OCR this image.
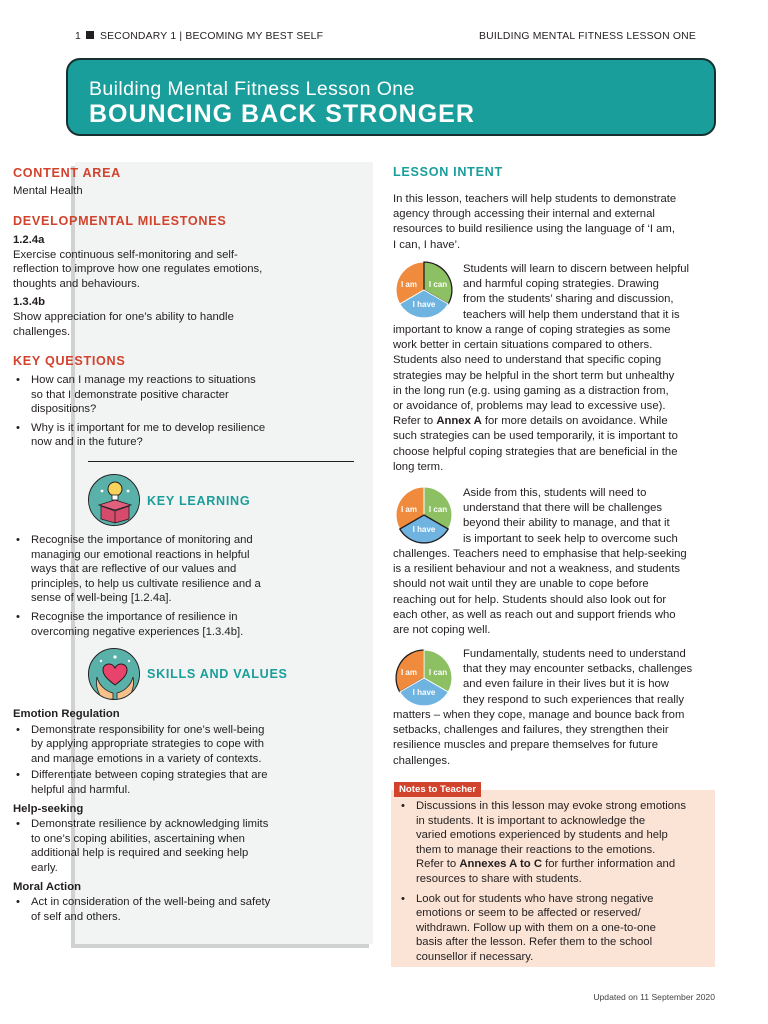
1 SECONDARY 1 | BECOMING MY BEST SELF	BUILDING MENTAL FITNESS LESSON ONE
Building Mental Fitness Lesson One
BOUNCING BACK STRONGER
CONTENT AREA
Mental Health
DEVELOPMENTAL MILESTONES
1.2.4a
Exercise continuous self-monitoring and self-
reflection to improve how one regulates emotions,
thoughts and behaviours.
1.3.4b
Show appreciation for one’s ability to handle
challenges.
KEY QUESTIONS
• How can I manage my reactions to situations
so that I demonstrate positive character
dispositions?
• Why is it important for me to develop resilience
now and in the future?
KEY LEARNING
• Recognise the importance of monitoring and
managing our emotional reactions in helpful
ways that are reflective of our values and
principles, to help us cultivate resilience and a
sense of well-being [1.2.4a].
• Recognise the importance of resilience in
overcoming negative experiences [1.3.4b].
SKILLS AND VALUES
Emotion Regulation
• Demonstrate responsibility for one’s well-being
by applying appropriate strategies to cope with
and manage emotions in a variety of contexts.
• Differentiate between coping strategies that are
helpful and harmful.
Help-seeking
• Demonstrate resilience by acknowledging limits
to one’s coping abilities, ascertaining when
additional help is required and seeking help
early.
Moral Action
• Act in consideration of the well-being and safety
of self and others.
LESSON INTENT
In this lesson, teachers will help students to demonstrate
agency through accessing their internal and external
resources to build resilience using the language of ‘I am,
I can, I have’.
I am I can
I have
Students will learn to discern between helpful
and harmful coping strategies. Drawing
from the students’ sharing and discussion,
teachers will help them understand that it is
important to know a range of coping strategies as some
work better in certain situations compared to others.
Students also need to understand that specific coping
strategies may be helpful in the short term but unhealthy
in the long run (e.g. using gaming as a distraction from,
or avoidance of, problems may lead to excessive use).
Refer to Annex A for more details on avoidance. While
such strategies can be used temporarily, it is important to
choose helpful coping strategies that are beneficial in the
long term.
I am I can
I have
Aside from this, students will need to
understand that there will be challenges
beyond their ability to manage, and that it
is important to seek help to overcome such
challenges. Teachers need to emphasise that help-seeking
is a resilient behaviour and not a weakness, and students
should not wait until they are unable to cope before
reaching out for help. Students should also look out for
each other, as well as reach out and support friends who
are not coping well.
I am I can
I have
Fundamentally, students need to understand
that they may encounter setbacks, challenges
and even failure in their lives but it is how
they respond to such experiences that really
matters – when they cope, manage and bounce back from
setbacks, challenges and failures, they strengthen their
resilience muscles and prepare themselves for future
challenges.
Notes to Teacher
• Discussions in this lesson may evoke strong emotions
in students. It is important to acknowledge the
varied emotions experienced by students and help
them to manage their reactions to the emotions.
Refer to Annexes A to C for further information and
resources to share with students.
• Look out for students who have strong negative
emotions or seem to be affected or reserved/
withdrawn. Follow up with them on a one-to-one
basis after the lesson. Refer them to the school
counsellor if necessary.
Updated on 11 September 2020
